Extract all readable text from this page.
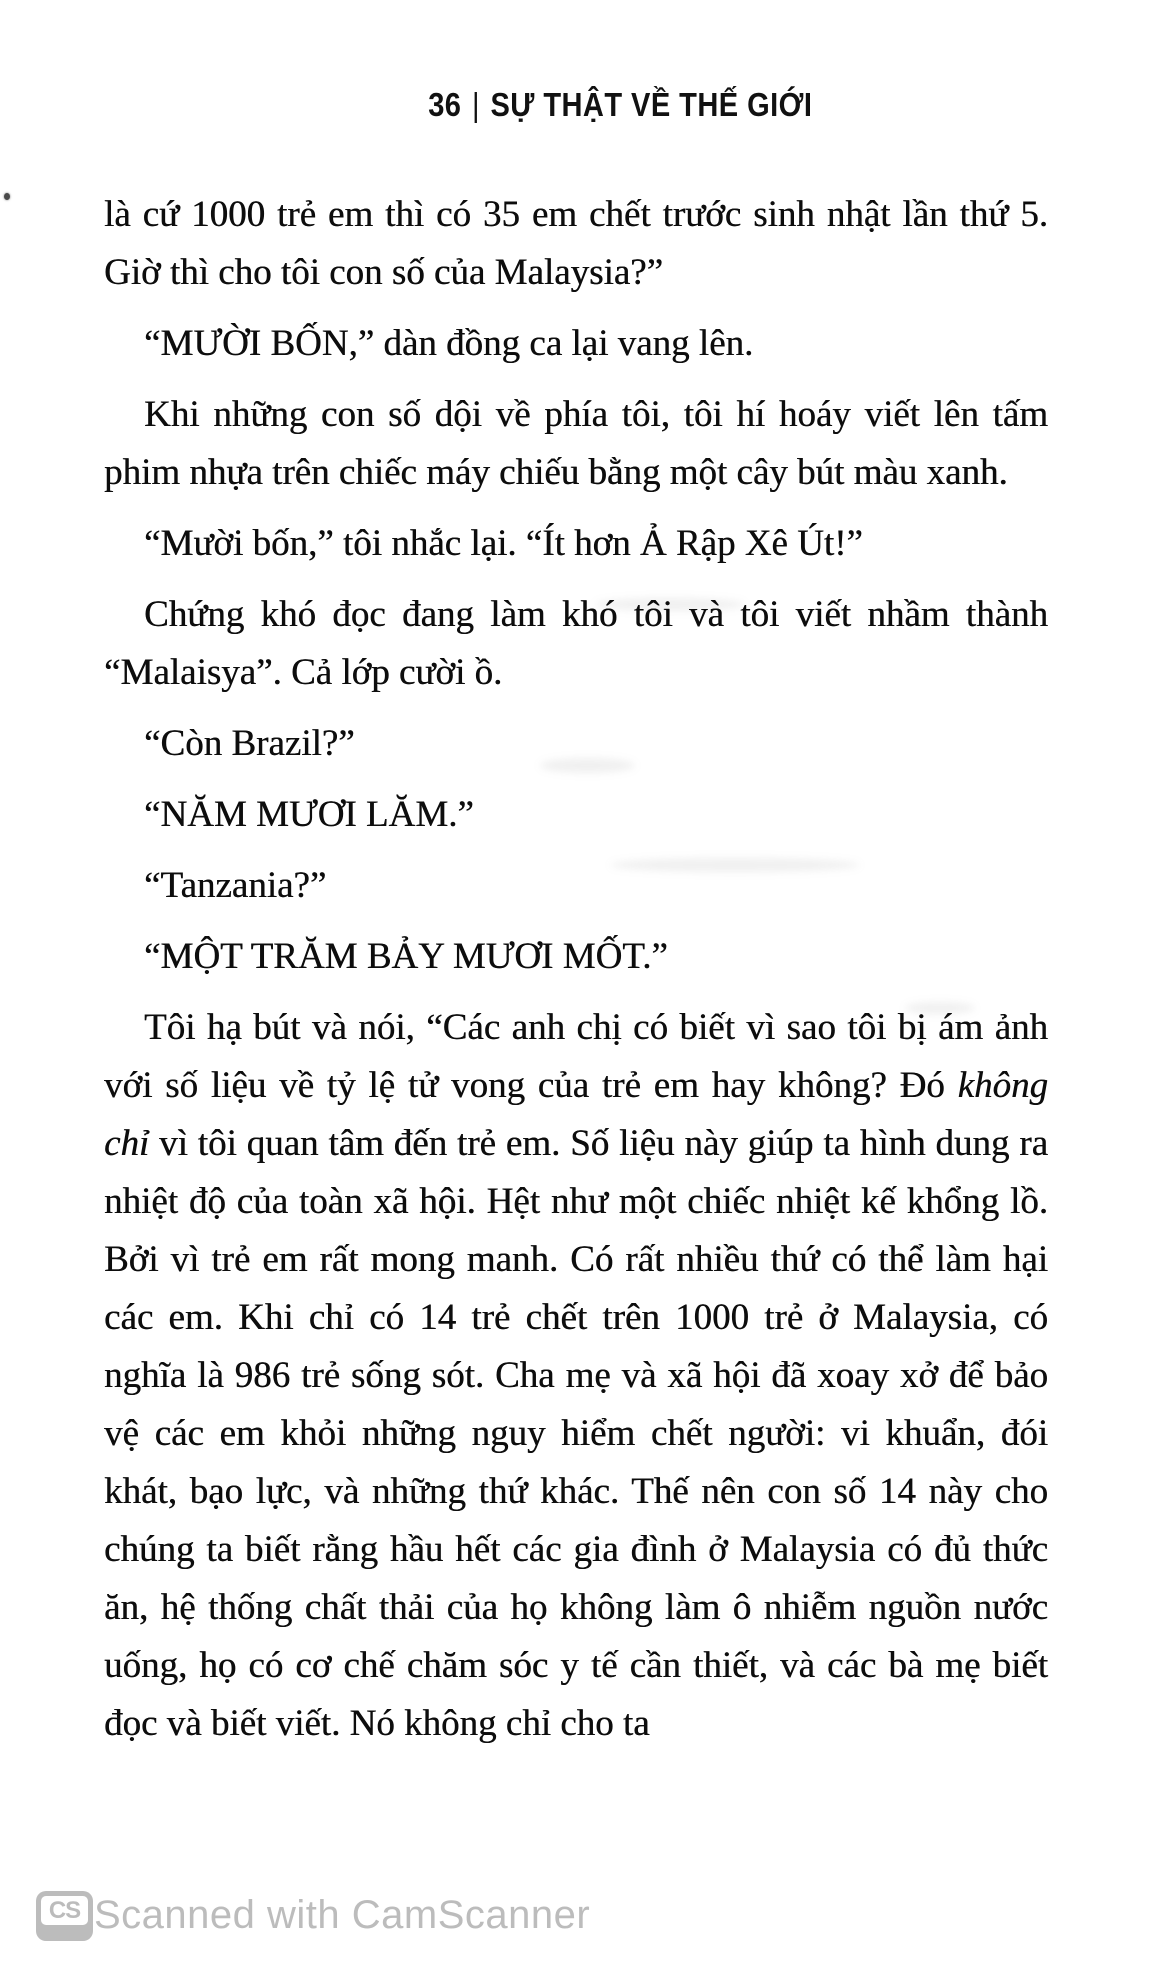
36 | SỰ THẬT VỀ THẾ GIỚI

là cứ 1000 trẻ em thì có 35 em chết trước sinh nhật lần thứ 5. Giờ thì cho tôi con số của Malaysia?”

“MƯỜI BỐN,” dàn đồng ca lại vang lên.

Khi những con số dội về phía tôi, tôi hí hoáy viết lên tấm phim nhựa trên chiếc máy chiếu bằng một cây bút màu xanh.

“Mười bốn,” tôi nhắc lại. “Ít hơn Ả Rập Xê Út!”

Chứng khó đọc đang làm khó tôi và tôi viết nhầm thành “Malaisya”. Cả lớp cười ồ.

“Còn Brazil?”

“NĂM MƯƠI LĂM.”

“Tanzania?”

“MỘT TRĂM BẢY MƯƠI MỐT.”

Tôi hạ bút và nói, “Các anh chị có biết vì sao tôi bị ám ảnh với số liệu về tỷ lệ tử vong của trẻ em hay không? Đó không chỉ vì tôi quan tâm đến trẻ em. Số liệu này giúp ta hình dung ra nhiệt độ của toàn xã hội. Hệt như một chiếc nhiệt kế khổng lồ. Bởi vì trẻ em rất mong manh. Có rất nhiều thứ có thể làm hại các em. Khi chỉ có 14 trẻ chết trên 1000 trẻ ở Malaysia, có nghĩa là 986 trẻ sống sót. Cha mẹ và xã hội đã xoay xở để bảo vệ các em khỏi những nguy hiểm chết người: vi khuẩn, đói khát, bạo lực, và những thứ khác. Thế nên con số 14 này cho chúng ta biết rằng hầu hết các gia đình ở Malaysia có đủ thức ăn, hệ thống chất thải của họ không làm ô nhiễm nguồn nước uống, họ có cơ chế chăm sóc y tế cần thiết, và các bà mẹ biết đọc và biết viết. Nó không chỉ cho ta

CS Scanned with CamScanner
